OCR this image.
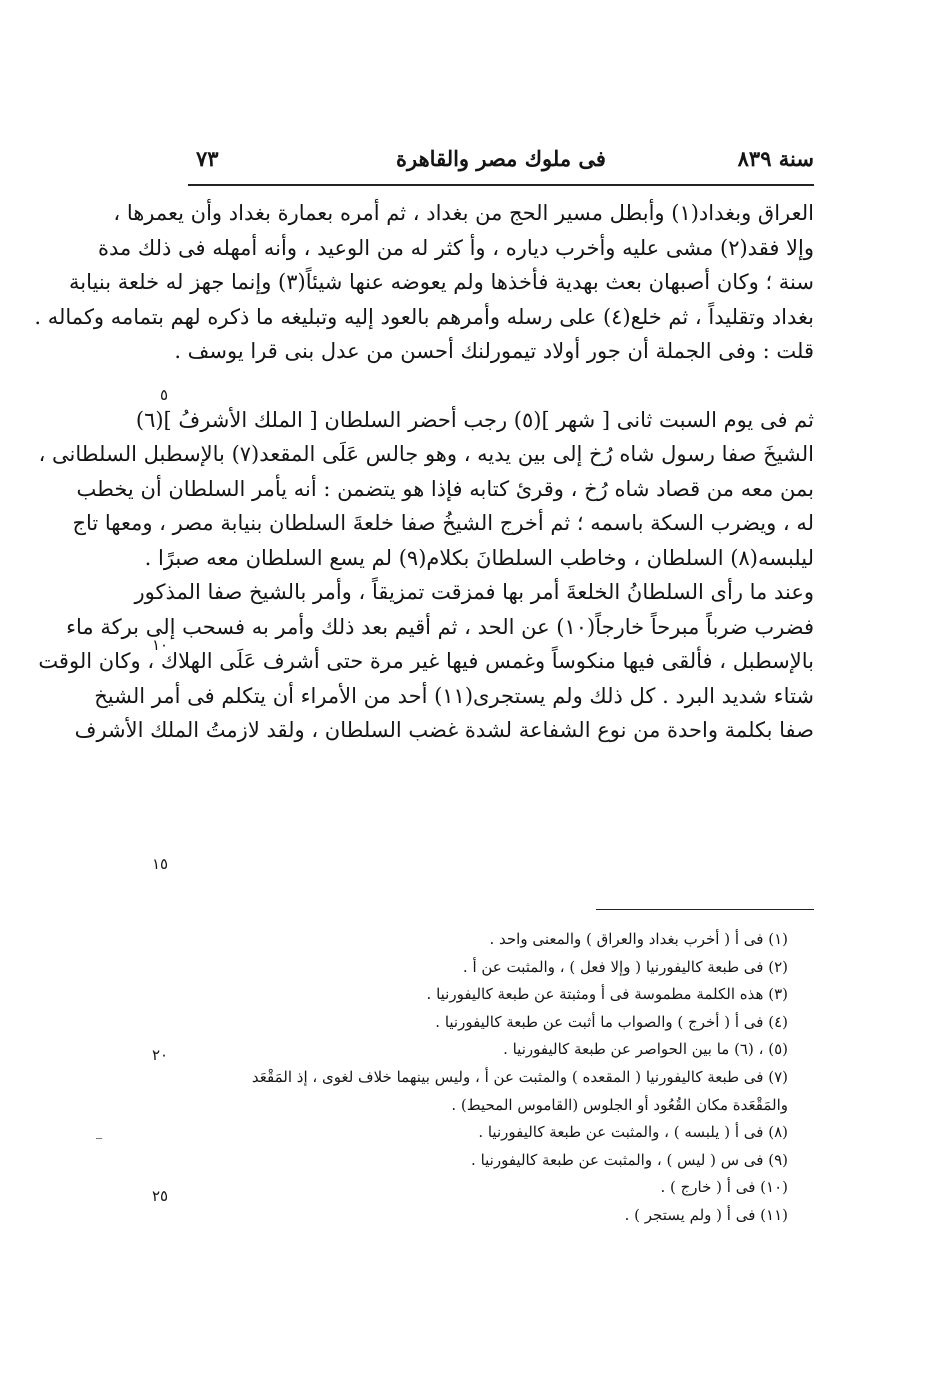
سنة ٨٣٩
فى ملوك مصر والقاهرة
٧٣
العراق وبغداد(١) وأبطل مسير الحج من بغداد ، ثم أمره بعمارة بغداد وأن يعمرها ،
وإلا فقد(٢) مشى عليه وأخرب دياره ، وأ كثر له من الوعيد ، وأنه أمهله فى ذلك مدة
سنة ؛ وكان أصبهان بعث بهدية فأخذها ولم يعوضه عنها شيئاً(٣) وإنما جهز له خلعة بنيابة
بغداد وتقليداً ، ثم خلع(٤) على رسله وأمرهم بالعود إليه وتبليغه ما ذكره لهم بتمامه وكماله .
قلت : وفى الجملة أن جور أولاد تيمورلنك أحسن من عدل بنى قرا يوسف .
ثم فى يوم السبت ثانى [ شهر ](٥) رجب أحضر السلطان [ الملك الأشرفُ ](٦)
الشيخَ صفا رسول شاه رُخ إلى بين يديه ، وهو جالس عَلَى المقعد(٧) بالإسطبل السلطانى ،
بمن معه من قصاد شاه رُخ ، وقرئ كتابه فإذا هو يتضمن : أنه يأمر السلطان أن يخطب
له ، ويضرب السكة باسمه ؛ ثم أخرج الشيخُ صفا خلعةَ السلطان بنيابة مصر ، ومعها تاج
ليلبسه(٨) السلطان ، وخاطب السلطانَ بكلام(٩) لم يسع السلطان معه صبرًا .
وعند ما رأى السلطانُ الخلعةَ أمر بها فمزقت تمزيقاً ، وأمر بالشيخ صفا المذكور
فضرب ضرباً مبرحاً خارجاً(١٠) عن الحد ، ثم أقيم بعد ذلك وأمر به فسحب إلى بركة ماء
بالإسطبل ، فألقى فيها منكوساً وغمس فيها غير مرة حتى أشرف عَلَى الهلاك ، وكان الوقت
شتاء شديد البرد . كل ذلك ولم يستجرى(١١) أحد من الأمراء أن يتكلم فى أمر الشيخ
صفا بكلمة واحدة من نوع الشفاعة لشدة غضب السلطان ، ولقد لازمتُ الملك الأشرف
٥
١٠
١٥
٢٠
٢٥
(١) فى أ ( أخرب بغداد والعراق ) والمعنى واحد .
(٢) فى طبعة كاليفورنيا ( وإلا فعل ) ، والمثبت عن أ .
(٣) هذه الكلمة مطموسة فى أ ومثبتة عن طبعة كاليفورنيا .
(٤) فى أ ( أخرج ) والصواب ما أثبت عن طبعة كاليفورنيا .
(٥) ، (٦) ما بين الحواصر عن طبعة كاليفورنيا .
(٧) فى طبعة كاليفورنيا ( المقعده ) والمثبت عن أ ، وليس بينهما خلاف لغوى ، إذ المَقْعَد
والمَقْعَدة مكان القُعُود أو الجلوس (القاموس المحيط) .
(٨) فى أ ( يلبسه ) ، والمثبت عن طبعة كاليفورنيا .
(٩) فى س ( ليس ) ، والمثبت عن طبعة كاليفورنيا .
(١٠) فى أ ( خارج ) .
(١١) فى أ ( ولم يستجر ) .
